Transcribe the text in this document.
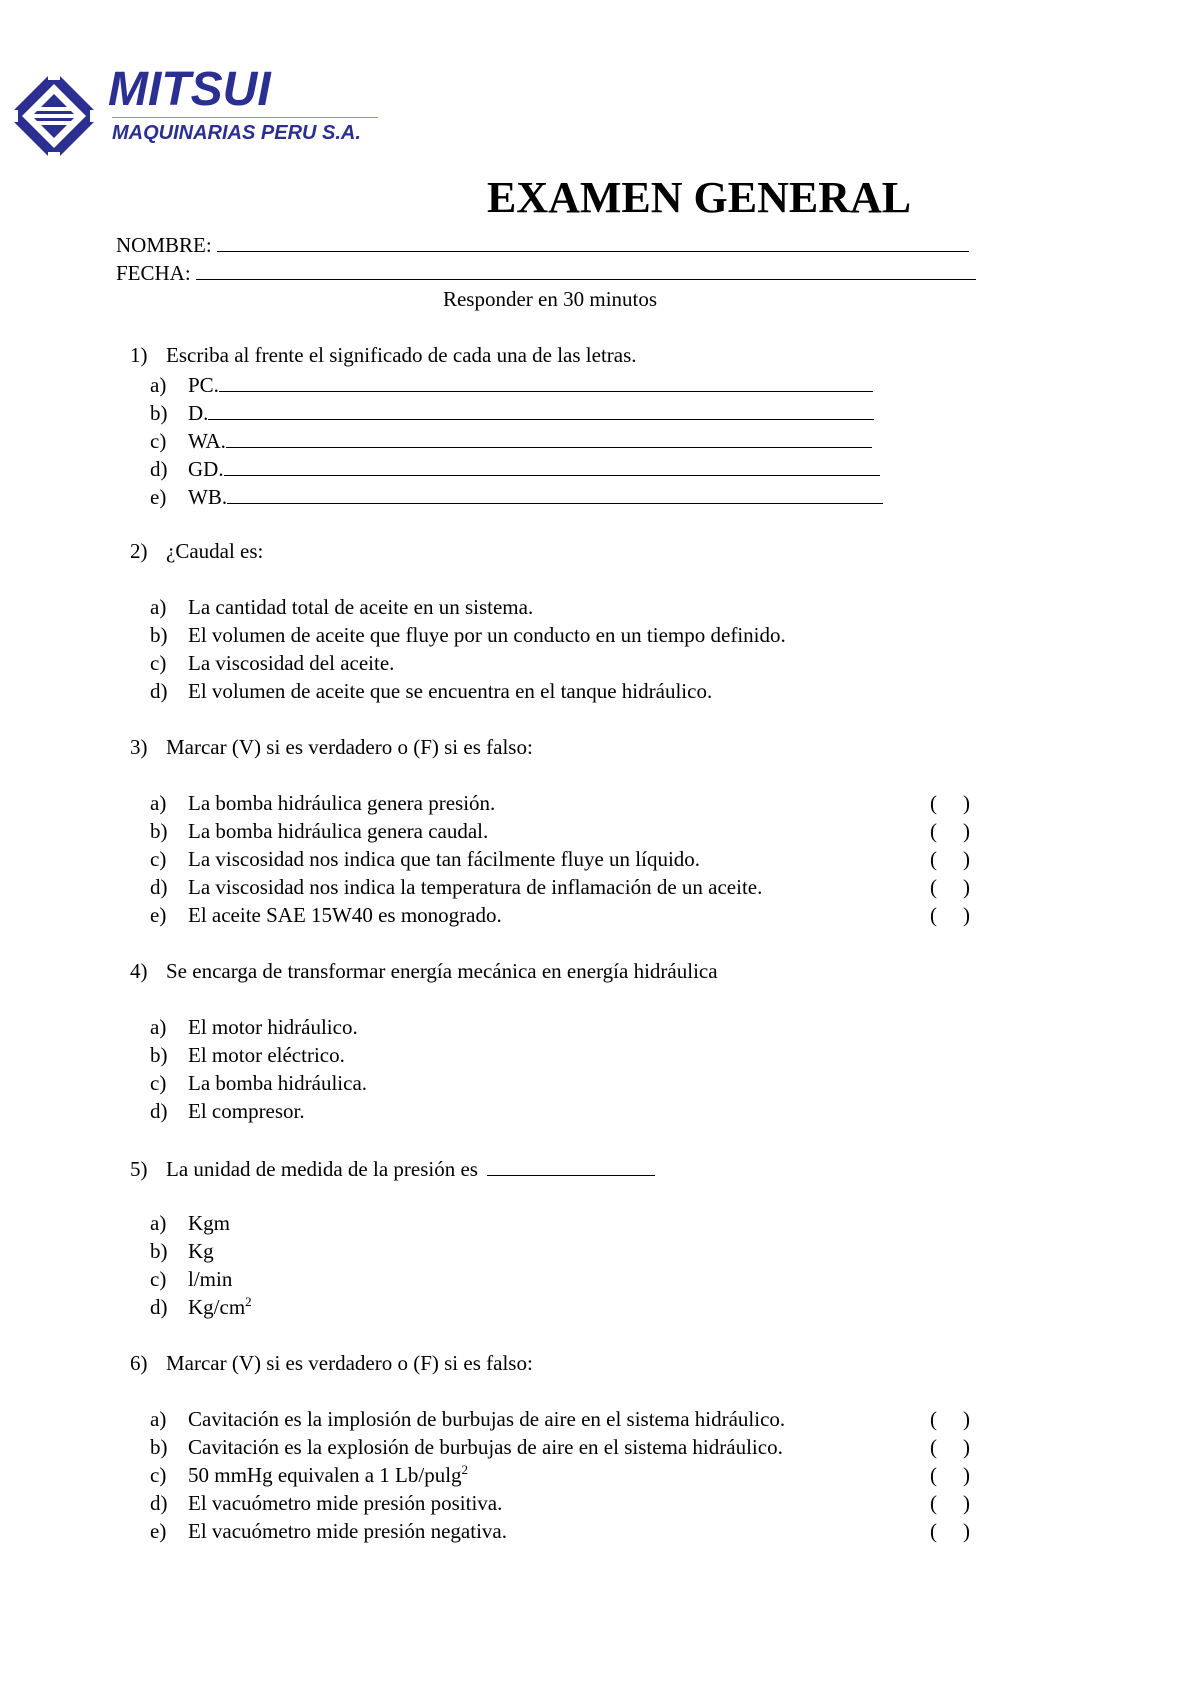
MITSUI
MAQUINARIAS PERU S.A.
EXAMEN GENERAL
NOMBRE:
FECHA:
Responder en 30 minutos
1) Escriba al frente el significado de cada una de las letras.
a) PC.
b) D.
c) WA.
d) GD.
e) WB.
2) ¿Caudal es:
a) La cantidad total de aceite en un sistema.
b) El volumen de aceite que fluye por un conducto en un tiempo definido.
c) La viscosidad del aceite.
d) El volumen de aceite que se encuentra en el tanque hidráulico.
3) Marcar (V) si es verdadero o (F) si es falso:
a) La bomba hidráulica genera presión.	( )
b) La bomba hidráulica genera caudal.	( )
c) La viscosidad nos indica que tan fácilmente fluye un líquido.	( )
d) La viscosidad nos indica la temperatura de inflamación de un aceite.	( )
e) El aceite SAE 15W40 es monogrado.	( )
4) Se encarga de transformar energía mecánica en energía hidráulica
a) El motor hidráulico.
b) El motor eléctrico.
c) La bomba hidráulica.
d) El compresor.
5) La unidad de medida de la presión es
a) Kgm
b) Kg
c) l/min
d) $Kg/cm^2$
6) Marcar (V) si es verdadero o (F) si es falso:
a) Cavitación es la implosión de burbujas de aire en el sistema hidráulico.	( )
b) Cavitación es la explosión de burbujas de aire en el sistema hidráulico.	( )
c) 50 mmHg equivalen a 1 Lb/pulg$^2$	( )
d) El vacuómetro mide presión positiva.	( )
e) El vacuómetro mide presión negativa.	( )
